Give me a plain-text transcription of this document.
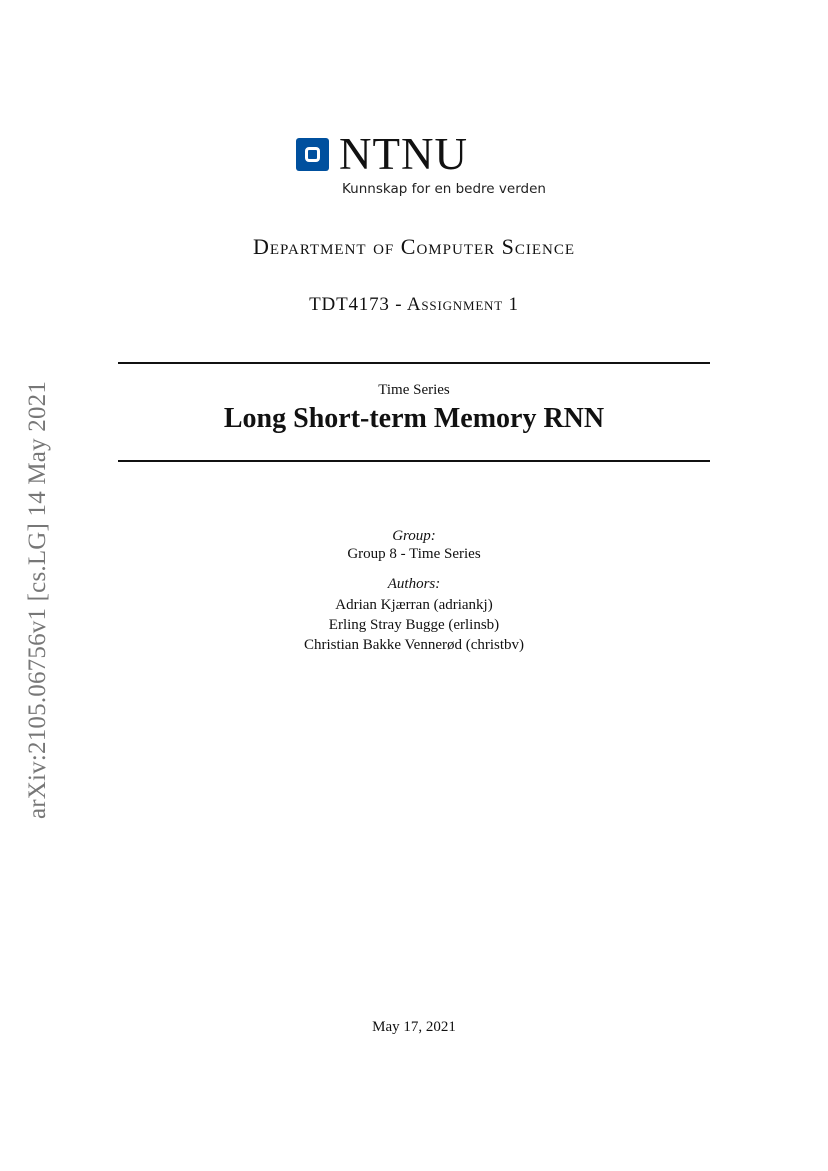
arXiv:2105.06756v1 [cs.LG] 14 May 2021
NTNU
Kunnskap for en bedre verden
Department of Computer Science
TDT4173 - Assignment 1
Time Series
Long Short-term Memory RNN
Group:
Group 8 - Time Series
Authors:
Adrian Kjærran (adriankj)
Erling Stray Bugge (erlinsb)
Christian Bakke Vennerød (christbv)
May 17, 2021
